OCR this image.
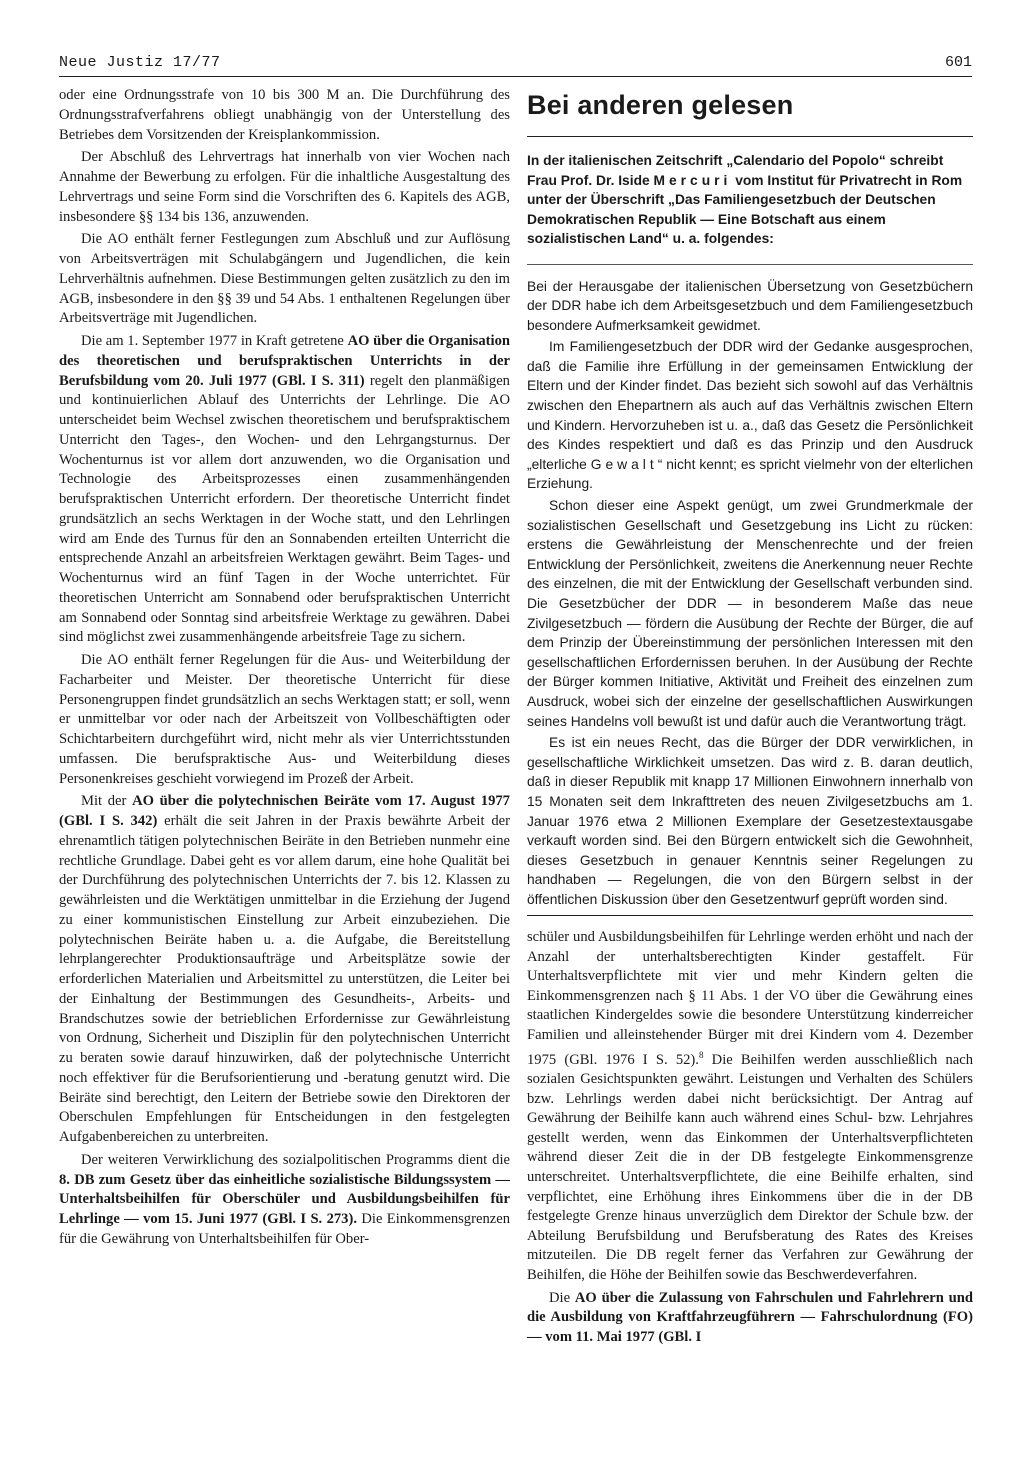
Neue Justiz 17/77	601

oder eine Ordnungsstrafe von 10 bis 300 M an. Die Durchführung des Ordnungsstrafverfahrens obliegt unabhängig von der Unterstellung des Betriebes dem Vorsitzenden der Kreisplankommission.

Der Abschluß des Lehrvertrags hat innerhalb von vier Wochen nach Annahme der Bewerbung zu erfolgen. Für die inhaltliche Ausgestaltung des Lehrvertrags und seine Form sind die Vorschriften des 6. Kapitels des AGB, insbesondere §§ 134 bis 136, anzuwenden.

Die AO enthält ferner Festlegungen zum Abschluß und zur Auflösung von Arbeitsverträgen mit Schulabgängern und Jugendlichen, die kein Lehrverhältnis aufnehmen. Diese Bestimmungen gelten zusätzlich zu den im AGB, insbesondere in den §§ 39 und 54 Abs. 1 enthaltenen Regelungen über Arbeitsverträge mit Jugendlichen.

Die am 1. September 1977 in Kraft getretene AO über die Organisation des theoretischen und berufspraktischen Unterrichts in der Berufsbildung vom 20. Juli 1977 (GBl. I S. 311) regelt den planmäßigen und kontinuierlichen Ablauf des Unterrichts der Lehrlinge. Die AO unterscheidet beim Wechsel zwischen theoretischem und berufspraktischem Unterricht den Tages-, den Wochen- und den Lehrgangsturnus. Der Wochenturnus ist vor allem dort anzuwenden, wo die Organisation und Technologie des Arbeitsprozesses einen zusammenhängenden berufspraktischen Unterricht erfordern. Der theoretische Unterricht findet grundsätzlich an sechs Werktagen in der Woche statt, und den Lehrlingen wird am Ende des Turnus für den an Sonnabenden erteilten Unterricht die entsprechende Anzahl an arbeitsfreien Werktagen gewährt. Beim Tages- und Wochenturnus wird an fünf Tagen in der Woche unterrichtet. Für theoretischen Unterricht am Sonnabend oder berufspraktischen Unterricht am Sonnabend oder Sonntag sind arbeitsfreie Werktage zu gewähren. Dabei sind möglichst zwei zusammenhängende arbeitsfreie Tage zu sichern.

Die AO enthält ferner Regelungen für die Aus- und Weiterbildung der Facharbeiter und Meister. Der theoretische Unterricht für diese Personengruppen findet grundsätzlich an sechs Werktagen statt; er soll, wenn er unmittelbar vor oder nach der Arbeitszeit von Vollbeschäftigten oder Schichtarbeitern durchgeführt wird, nicht mehr als vier Unterrichtsstunden umfassen. Die berufspraktische Aus- und Weiterbildung dieses Personenkreises geschieht vorwiegend im Prozeß der Arbeit.

Mit der AO über die polytechnischen Beiräte vom 17. August 1977 (GBl. I S. 342) erhält die seit Jahren in der Praxis bewährte Arbeit der ehrenamtlich tätigen polytechnischen Beiräte in den Betrieben nunmehr eine rechtliche Grundlage. Dabei geht es vor allem darum, eine hohe Qualität bei der Durchführung des polytechnischen Unterrichts der 7. bis 12. Klassen zu gewährleisten und die Werktätigen unmittelbar in die Erziehung der Jugend zu einer kommunistischen Einstellung zur Arbeit einzubeziehen. Die polytechnischen Beiräte haben u. a. die Aufgabe, die Bereitstellung lehrplangerechter Produktionsaufträge und Arbeitsplätze sowie der erforderlichen Materialien und Arbeitsmittel zu unterstützen, die Leiter bei der Einhaltung der Bestimmungen des Gesundheits-, Arbeits- und Brandschutzes sowie der betrieblichen Erfordernisse zur Gewährleistung von Ordnung, Sicherheit und Disziplin für den polytechnischen Unterricht zu beraten sowie darauf hinzuwirken, daß der polytechnische Unterricht noch effektiver für die Berufsorientierung und -beratung genutzt wird. Die Beiräte sind berechtigt, den Leitern der Betriebe sowie den Direktoren der Oberschulen Empfehlungen für Entscheidungen in den festgelegten Aufgabenbereichen zu unterbreiten.

Der weiteren Verwirklichung des sozialpolitischen Programms dient die 8. DB zum Gesetz über das einheitliche sozialistische Bildungssystem — Unterhaltsbeihilfen für Oberschüler und Ausbildungsbeihilfen für Lehrlinge — vom 15. Juni 1977 (GBl. I S. 273). Die Einkommensgrenzen für die Gewährung von Unterhaltsbeihilfen für Ober-

Bei anderen gelesen

In der italienischen Zeitschrift „Calendario del Popolo“ schreibt Frau Prof. Dr. Iside Mercuri vom Institut für Privatrecht in Rom unter der Überschrift „Das Familiengesetzbuch der Deutschen Demokratischen Republik — Eine Botschaft aus einem sozialistischen Land“ u. a. folgendes:

Bei der Herausgabe der italienischen Übersetzung von Gesetzbüchern der DDR habe ich dem Arbeitsgesetzbuch und dem Familiengesetzbuch besondere Aufmerksamkeit gewidmet.

Im Familiengesetzbuch der DDR wird der Gedanke ausgesprochen, daß die Familie ihre Erfüllung in der gemeinsamen Entwicklung der Eltern und der Kinder findet. Das bezieht sich sowohl auf das Verhältnis zwischen den Ehepartnern als auch auf das Verhältnis zwischen Eltern und Kindern. Hervorzuheben ist u. a., daß das Gesetz die Persönlichkeit des Kindes respektiert und daß es das Prinzip und den Ausdruck „elterliche Gewalt“ nicht kennt; es spricht vielmehr von der elterlichen Erziehung.

Schon dieser eine Aspekt genügt, um zwei Grundmerkmale der sozialistischen Gesellschaft und Gesetzgebung ins Licht zu rücken: erstens die Gewährleistung der Menschenrechte und der freien Entwicklung der Persönlichkeit, zweitens die Anerkennung neuer Rechte des einzelnen, die mit der Entwicklung der Gesellschaft verbunden sind. Die Gesetzbücher der DDR — in besonderem Maße das neue Zivilgesetzbuch — fördern die Ausübung der Rechte der Bürger, die auf dem Prinzip der Übereinstimmung der persönlichen Interessen mit den gesellschaftlichen Erfordernissen beruhen. In der Ausübung der Rechte der Bürger kommen Initiative, Aktivität und Freiheit des einzelnen zum Ausdruck, wobei sich der einzelne der gesellschaftlichen Auswirkungen seines Handelns voll bewußt ist und dafür auch die Verantwortung trägt.

Es ist ein neues Recht, das die Bürger der DDR verwirklichen, in gesellschaftliche Wirklichkeit umsetzen. Das wird z. B. daran deutlich, daß in dieser Republik mit knapp 17 Millionen Einwohnern innerhalb von 15 Monaten seit dem Inkrafttreten des neuen Zivilgesetzbuchs am 1. Januar 1976 etwa 2 Millionen Exemplare der Gesetzestextausgabe verkauft worden sind. Bei den Bürgern entwickelt sich die Gewohnheit, dieses Gesetzbuch in genauer Kenntnis seiner Regelungen zu handhaben — Regelungen, die von den Bürgern selbst in der öffentlichen Diskussion über den Gesetzentwurf geprüft worden sind.

schüler und Ausbildungsbeihilfen für Lehrlinge werden erhöht und nach der Anzahl der unterhaltsberechtigten Kinder gestaffelt. Für Unterhaltsverpflichtete mit vier und mehr Kindern gelten die Einkommensgrenzen nach § 11 Abs. 1 der VO über die Gewährung eines staatlichen Kindergeldes sowie die besondere Unterstützung kinderreicher Familien und alleinstehender Bürger mit drei Kindern vom 4. Dezember 1975 (GBl. 1976 I S. 52).$^8$ Die Beihilfen werden ausschließlich nach sozialen Gesichtspunkten gewährt. Leistungen und Verhalten des Schülers bzw. Lehrlings werden dabei nicht berücksichtigt. Der Antrag auf Gewährung der Beihilfe kann auch während eines Schul- bzw. Lehrjahres gestellt werden, wenn das Einkommen der Unterhaltsverpflichteten während dieser Zeit die in der DB festgelegte Einkommensgrenze unterschreitet. Unterhaltsverpflichtete, die eine Beihilfe erhalten, sind verpflichtet, eine Erhöhung ihres Einkommens über die in der DB festgelegte Grenze hinaus unverzüglich dem Direktor der Schule bzw. der Abteilung Berufsbildung und Berufsberatung des Rates des Kreises mitzuteilen. Die DB regelt ferner das Verfahren zur Gewährung der Beihilfen, die Höhe der Beihilfen sowie das Beschwerdeverfahren.

Die AO über die Zulassung von Fahrschulen und Fahrlehrern und die Ausbildung von Kraftfahrzeugführern — Fahrschulordnung (FO) — vom 11. Mai 1977 (GBl. I
